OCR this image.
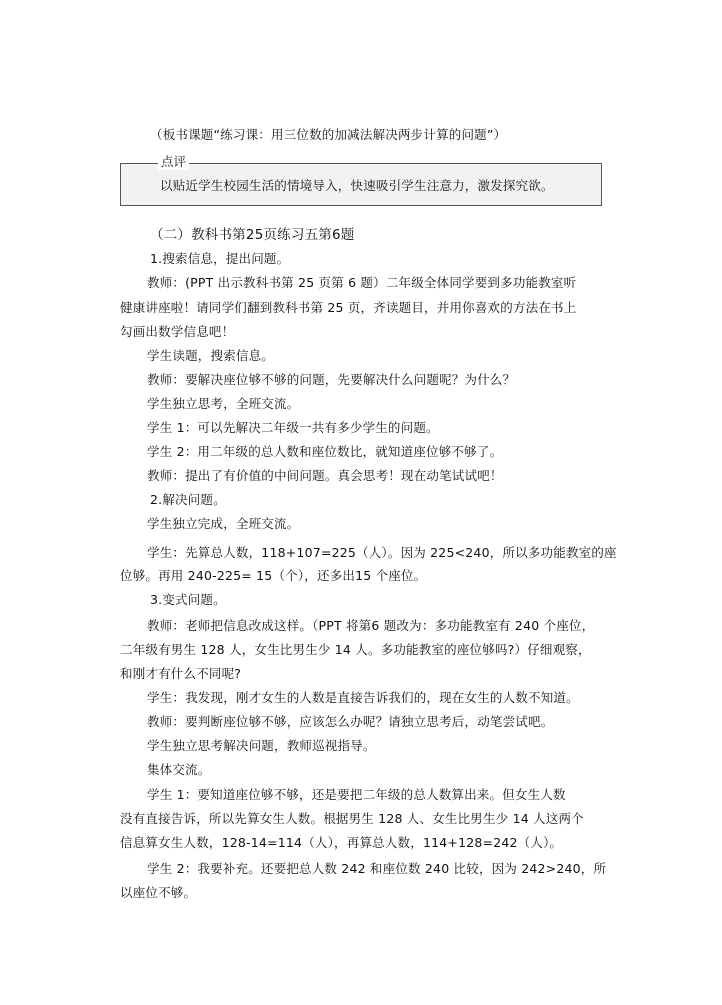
（板书课题“练习课：用三位数的加减法解决两步计算的问题”）
点评
以贴近学生校园生活的情境导入，快速吸引学生注意力，激发探究欲。
（二）教科书第25页练习五第6题
1.搜索信息，提出问题。
教师：(PPT 出示教科书第 25 页第 6 题）二年级全体同学要到多功能教室听
健康讲座啦！请同学们翻到教科书第 25 页，齐读题目，并用你喜欢的方法在书上
勾画出数学信息吧！
学生读题，搜索信息。
教师：要解决座位够不够的问题，先要解决什么问题呢？为什么？
学生独立思考，全班交流。
学生 1：可以先解决二年级一共有多少学生的问题。
学生 2：用二年级的总人数和座位数比，就知道座位够不够了。
教师：提出了有价值的中间问题。真会思考！现在动笔试试吧！
2.解决问题。
学生独立完成，全班交流。
学生：先算总人数，118+107=225（人）。因为 225<240，所以多功能教室的座
位够。再用 240-225= 15（个），还多出15 个座位。
3.变式问题。
教师：老师把信息改成这样。（PPT 将第6 题改为：多功能教室有 240 个座位，
二年级有男生 128 人，女生比男生少 14 人。多功能教室的座位够吗?）仔细观察，
和刚才有什么不同呢?
学生：我发现，刚才女生的人数是直接告诉我们的，现在女生的人数不知道。
教师：要判断座位够不够，应该怎么办呢？请独立思考后，动笔尝试吧。
学生独立思考解决问题，教师巡视指导。
集体交流。
学生 1：要知道座位够不够，还是要把二年级的总人数算出来。但女生人数
没有直接告诉，所以先算女生人数。根据男生 128 人、女生比男生少 14 人这两个
信息算女生人数，128-14=114（人），再算总人数，114+128=242（人）。
学生 2：我要补充。还要把总人数 242 和座位数 240 比较，因为 242>240，所
以座位不够。
